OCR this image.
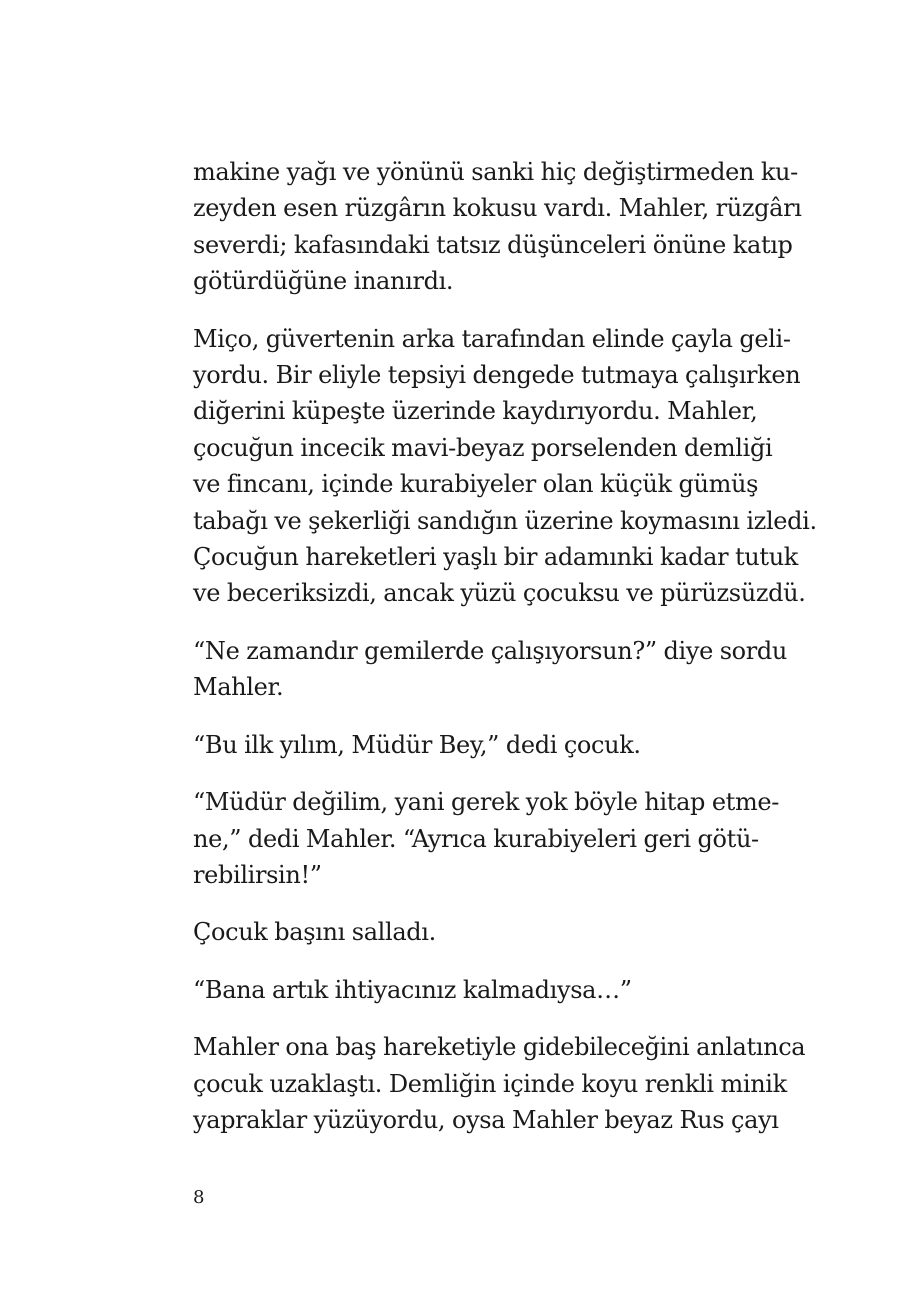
makine yağı ve yönünü sanki hiç değiştirmeden ku-
zeyden esen rüzgârın kokusu vardı. Mahler, rüzgârı
severdi; kafasındaki tatsız düşünceleri önüne katıp
götürdüğüne inanırdı.

Miço, güvertenin arka tarafından elinde çayla geli-
yordu. Bir eliyle tepsiyi dengede tutmaya çalışırken
diğerini küpeşte üzerinde kaydırıyordu. Mahler,
çocuğun incecik mavi-beyaz porselenden demliği
ve fincanı, içinde kurabiyeler olan küçük gümüş
tabağı ve şekerliği sandığın üzerine koymasını izledi.
Çocuğun hareketleri yaşlı bir adamınki kadar tutuk
ve beceriksizdi, ancak yüzü çocuksu ve pürüzsüzdü.

“Ne zamandır gemilerde çalışıyorsun?” diye sordu
Mahler.

“Bu ilk yılım, Müdür Bey,” dedi çocuk.

“Müdür değilim, yani gerek yok böyle hitap etme-
ne,” dedi Mahler. “Ayrıca kurabiyeleri geri götü-
rebilirsin!”

Çocuk başını salladı.

“Bana artık ihtiyacınız kalmadıysa…”

Mahler ona baş hareketiyle gidebileceğini anlatınca
çocuk uzaklaştı. Demliğin içinde koyu renkli minik
yapraklar yüzüyordu, oysa Mahler beyaz Rus çayı

8
